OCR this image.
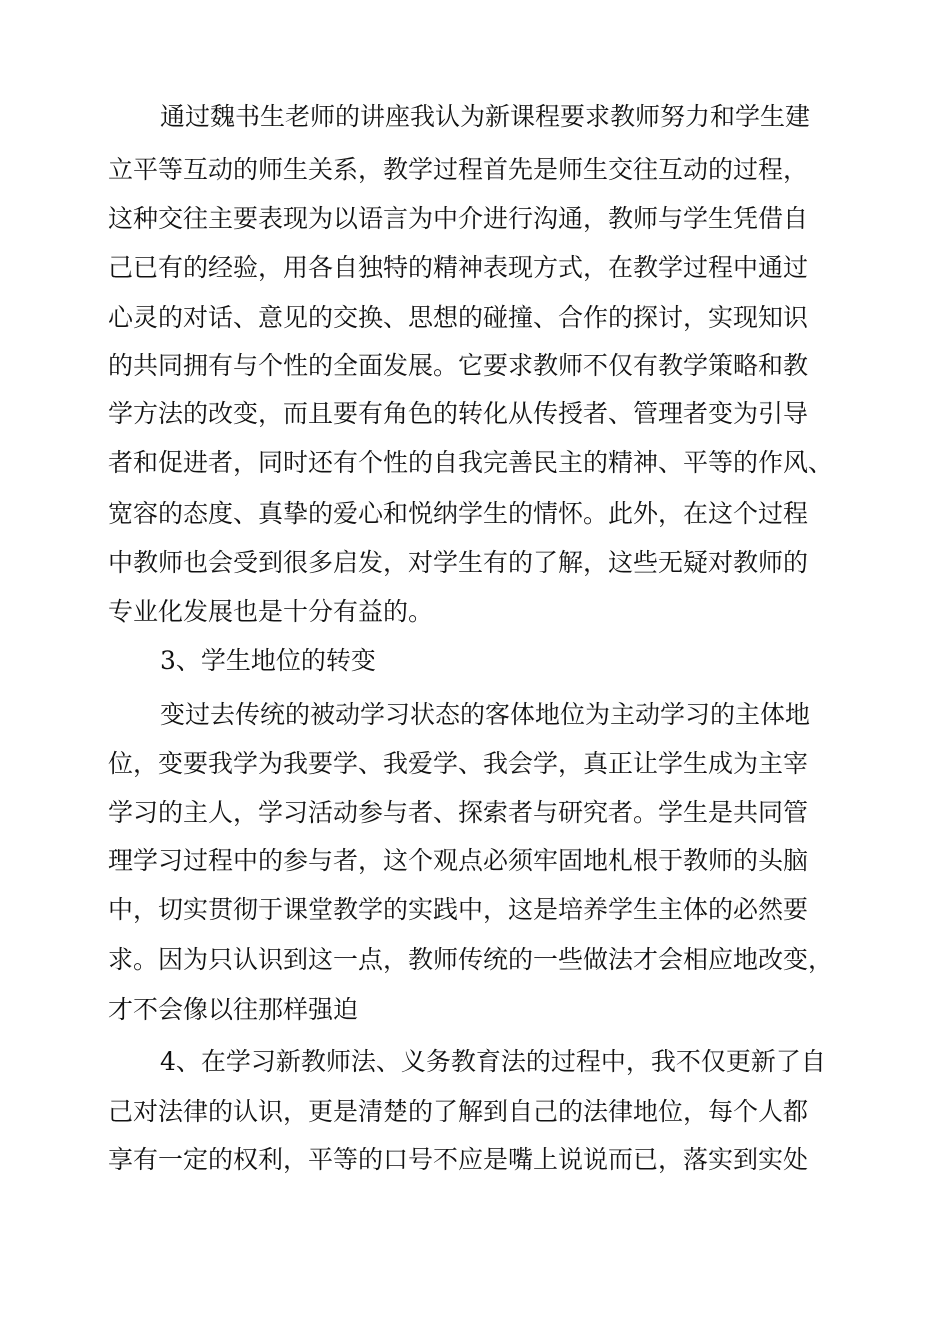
通过魏书生老师的讲座我认为新课程要求教师努力和学生建
立平等互动的师生关系，教学过程首先是师生交往互动的过程，
这种交往主要表现为以语言为中介进行沟通，教师与学生凭借自
己已有的经验，用各自独特的精神表现方式，在教学过程中通过
心灵的对话、意见的交换、思想的碰撞、合作的探讨，实现知识
的共同拥有与个性的全面发展。它要求教师不仅有教学策略和教
学方法的改变，而且要有角色的转化从传授者、管理者变为引导
者和促进者，同时还有个性的自我完善民主的精神、平等的作风、
宽容的态度、真挚的爱心和悦纳学生的情怀。此外，在这个过程
中教师也会受到很多启发，对学生有的了解，这些无疑对教师的
专业化发展也是十分有益的。
3、学生地位的转变
变过去传统的被动学习状态的客体地位为主动学习的主体地
位，变要我学为我要学、我爱学、我会学，真正让学生成为主宰
学习的主人，学习活动参与者、探索者与研究者。学生是共同管
理学习过程中的参与者，这个观点必须牢固地札根于教师的头脑
中，切实贯彻于课堂教学的实践中，这是培养学生主体的必然要
求。因为只认识到这一点，教师传统的一些做法才会相应地改变，
才不会像以往那样强迫
4、在学习新教师法、义务教育法的过程中，我不仅更新了自
己对法律的认识，更是清楚的了解到自己的法律地位，每个人都
享有一定的权利，平等的口号不应是嘴上说说而已，落实到实处
